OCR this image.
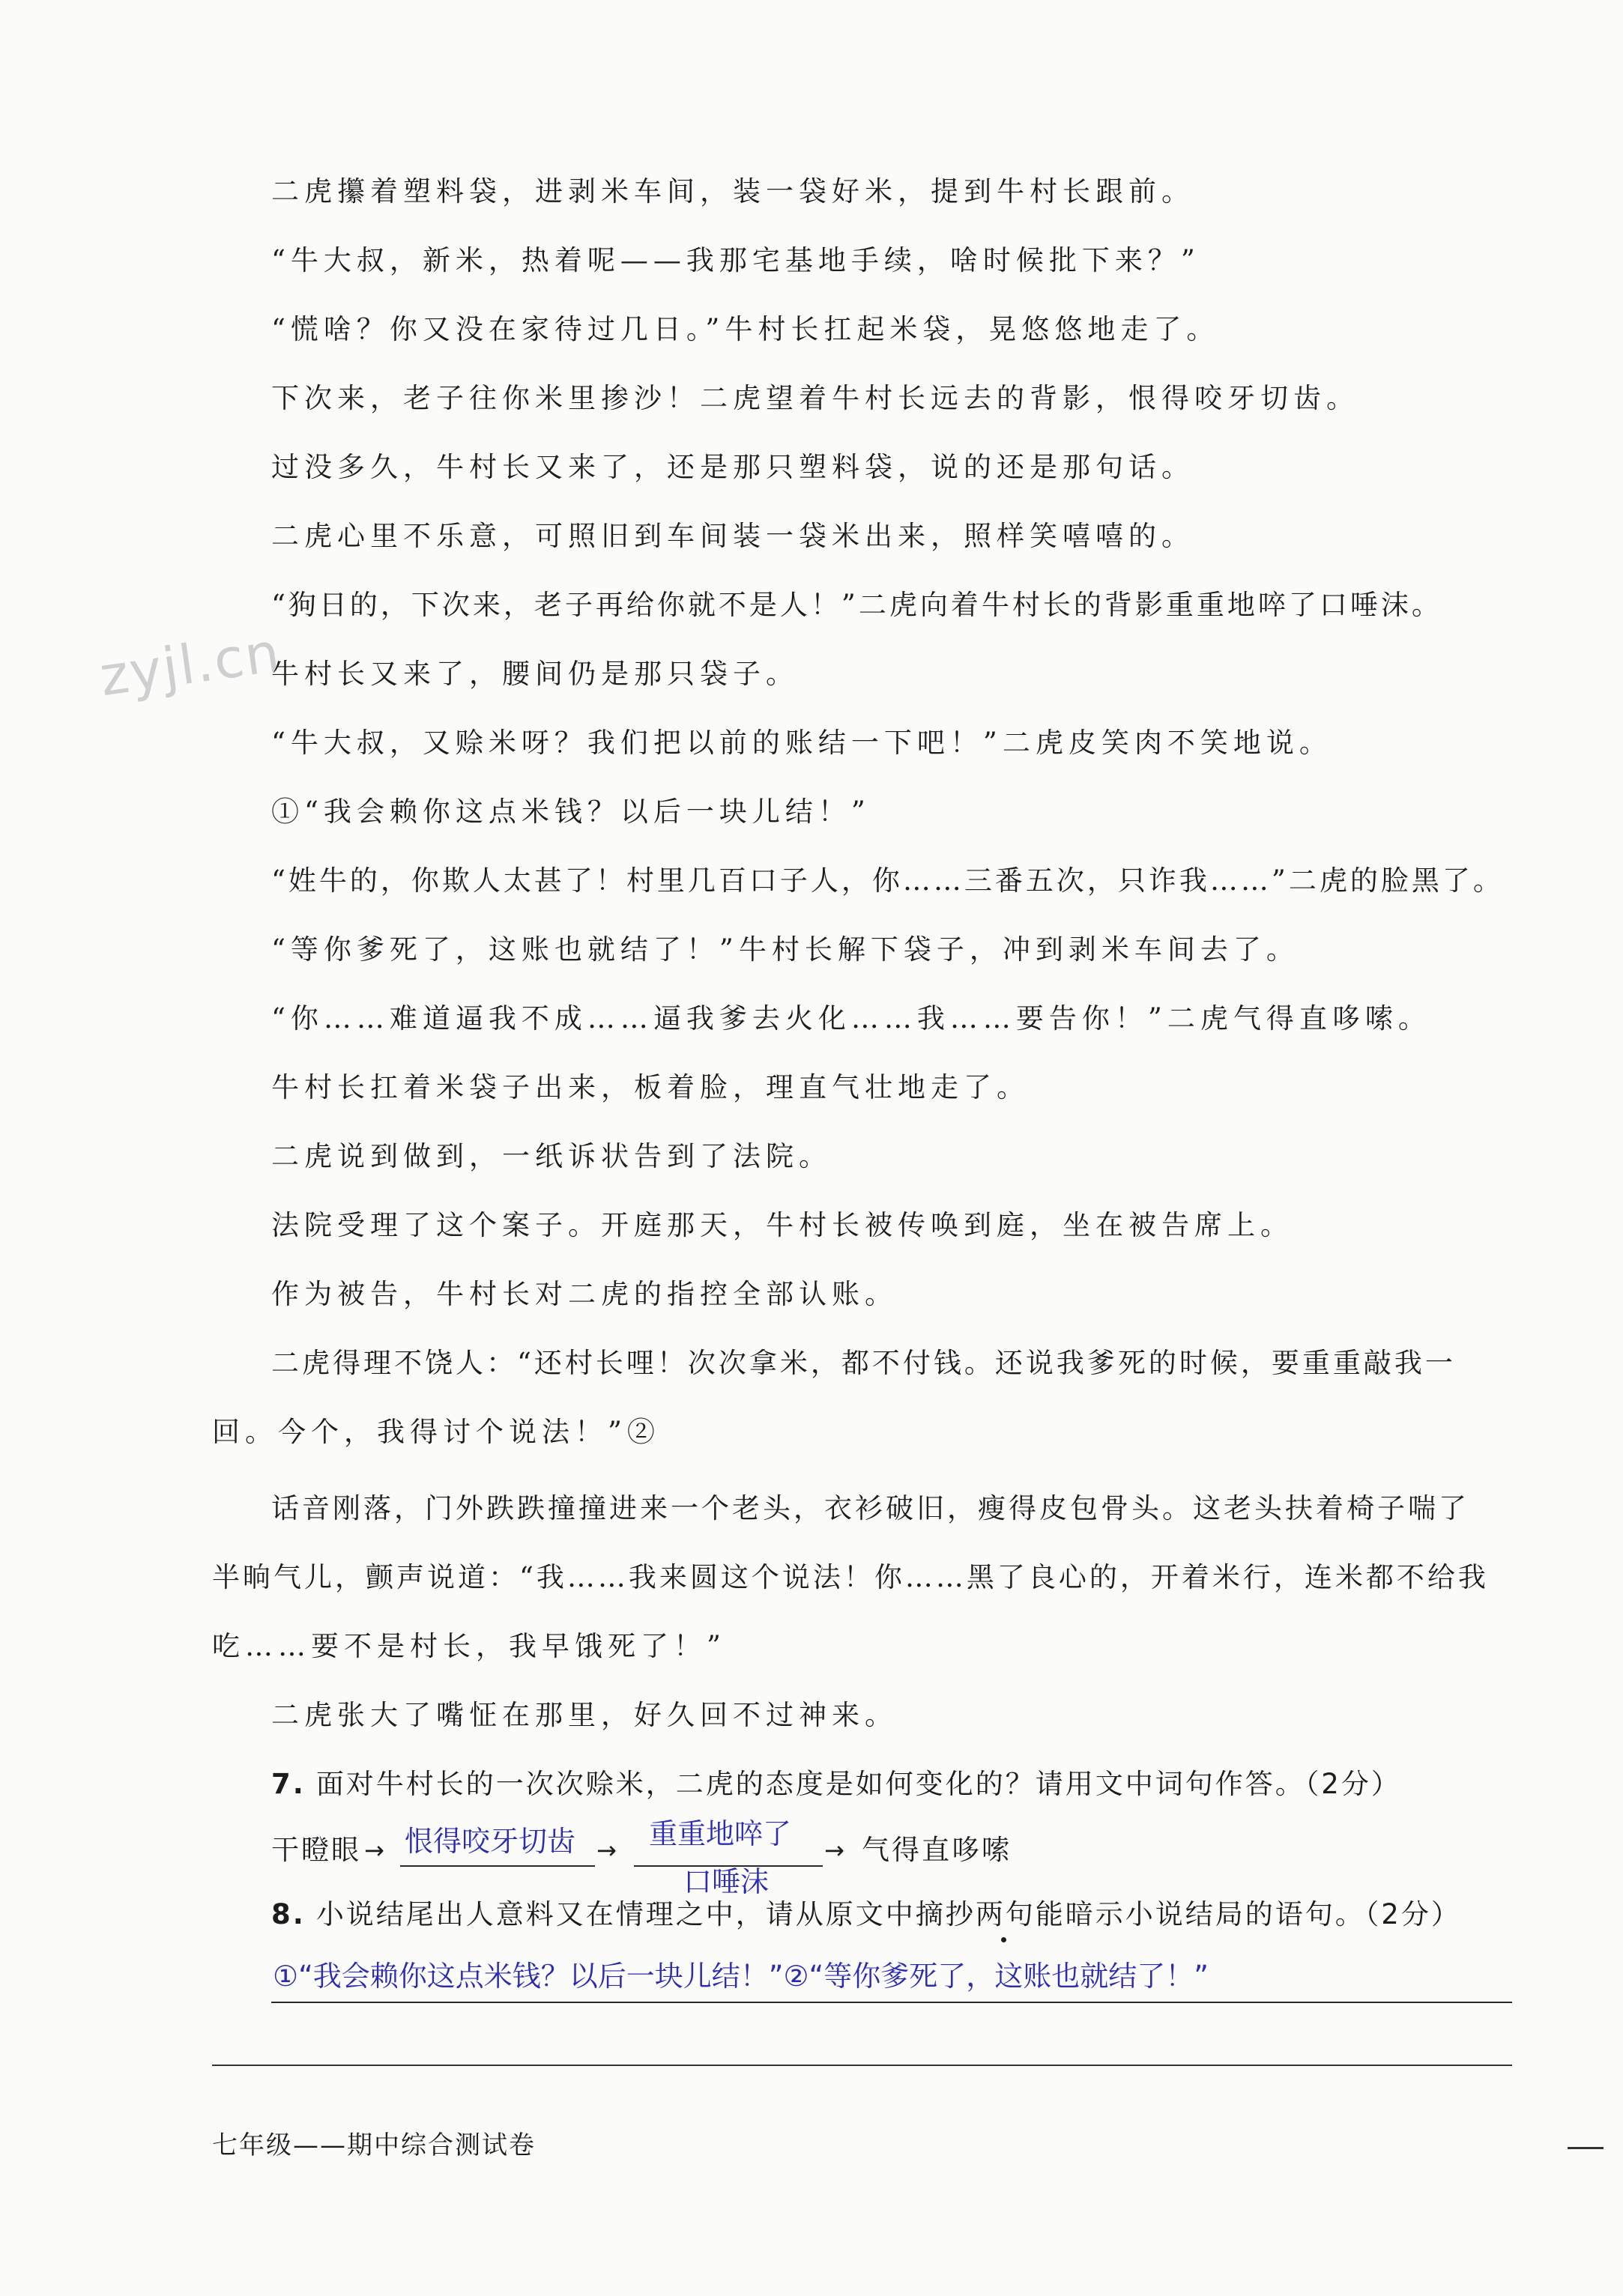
zyjl.cn
二虎攥着塑料袋，进剥米车间，装一袋好米，提到牛村长跟前。
“牛大叔，新米，热着呢——我那宅基地手续，啥时候批下来？”
“慌啥？你又没在家待过几日。”牛村长扛起米袋，晃悠悠地走了。
下次来，老子往你米里掺沙！二虎望着牛村长远去的背影，恨得咬牙切齿。
过没多久，牛村长又来了，还是那只塑料袋，说的还是那句话。
二虎心里不乐意，可照旧到车间装一袋米出来，照样笑嘻嘻的。
“狗日的，下次来，老子再给你就不是人！”二虎向着牛村长的背影重重地啐了口唾沫。
牛村长又来了，腰间仍是那只袋子。
“牛大叔，又赊米呀？我们把以前的账结一下吧！”二虎皮笑肉不笑地说。
①“我会赖你这点米钱？以后一块儿结！”
“姓牛的，你欺人太甚了！村里几百口子人，你……三番五次，只诈我……”二虎的脸黑了。
“等你爹死了，这账也就结了！”牛村长解下袋子，冲到剥米车间去了。
“你……难道逼我不成……逼我爹去火化……我……要告你！”二虎气得直哆嗦。
牛村长扛着米袋子出来，板着脸，理直气壮地走了。
二虎说到做到，一纸诉状告到了法院。
法院受理了这个案子。开庭那天，牛村长被传唤到庭，坐在被告席上。
作为被告，牛村长对二虎的指控全部认账。
二虎得理不饶人：“还村长哩！次次拿米，都不付钱。还说我爹死的时候，要重重敲我一
回。今个，我得讨个说法！”②
话音刚落，门外跌跌撞撞进来一个老头，衣衫破旧，瘦得皮包骨头。这老头扶着椅子喘了
半晌气儿，颤声说道：“我……我来圆这个说法！你……黑了良心的，开着米行，连米都不给我
吃……要不是村长，我早饿死了！”
二虎张大了嘴怔在那里，好久回不过神来。
7. 面对牛村长的一次次赊米，二虎的态度是如何变化的？请用文中词句作答。（2分）
干瞪眼 → 恨得咬牙切齿 → 重重地啐了
口唾沫
→ 气得直哆嗦
8. 小说结尾出人意料又在情理之中，请从原文中摘抄两句能暗示小说结局的语句。（2分）
①“我会赖你这点米钱？以后一块儿结！”②“等你爹死了，这账也就结了！”
七年级——期中综合测试卷
